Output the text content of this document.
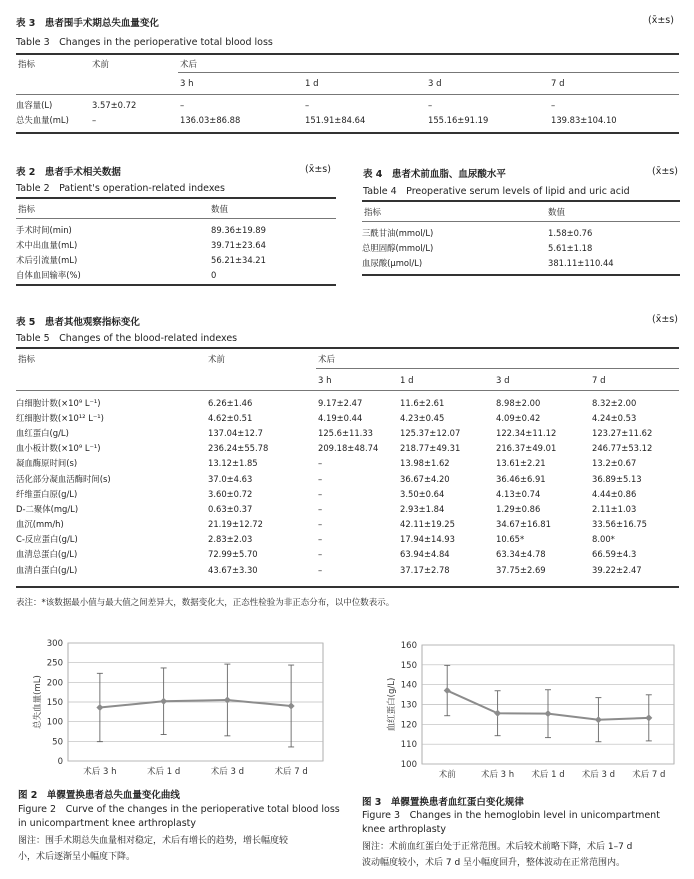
表 3　患者围手术期总失血量变化
Table 3　Changes in the perioperative total blood loss
(x̄±s)
指标	术前	术后
3 h	1 d	3 d	7 d
血容量(L)	3.57±0.72	–	–	–	–
总失血量(mL)	–	136.03±86.88	151.91±84.64	155.16±91.19	139.83±104.10
表 2　患者手术相关数据
Table 2　Patient's operation-related indexes
(x̄±s)
指标	数值
手术时间(min)	89.36±19.89
术中出血量(mL)	39.71±23.64
术后引流量(mL)	56.21±34.21
自体血回输率(%)	0
表 4　患者术前血脂、血尿酸水平
Table 4　Preoperative serum levels of lipid and uric acid
(x̄±s)
指标	数值
三酰甘油(mmol/L)	1.58±0.76
总胆固醇(mmol/L)	5.61±1.18
血尿酸(μmol/L)	381.11±110.44
表 5　患者其他观察指标变化
Table 5　Changes of the blood-related indexes
(x̄±s)
指标	术前	术后
3 h	1 d	3 d	7 d
白细胞计数(×10⁹ L⁻¹)	6.26±1.46	9.17±2.47	11.6±2.61	8.98±2.00	8.32±2.00
红细胞计数(×10¹² L⁻¹)	4.62±0.51	4.19±0.44	4.23±0.45	4.09±0.42	4.24±0.53
血红蛋白(g/L)	137.04±12.7	125.6±11.33	125.37±12.07	122.34±11.12	123.27±11.62
血小板计数(×10⁹ L⁻¹)	236.24±55.78	209.18±48.74	218.77±49.31	216.37±49.01	246.77±53.12
凝血酶原时间(s)	13.12±1.85	–	13.98±1.62	13.61±2.21	13.2±0.67
活化部分凝血活酶时间(s)	37.0±4.63	–	36.67±4.20	36.46±6.91	36.89±5.13
纤维蛋白原(g/L)	3.60±0.72	–	3.50±0.64	4.13±0.74	4.44±0.86
D-二聚体(mg/L)	0.63±0.37	–	2.93±1.84	1.29±0.86	2.11±1.03
血沉(mm/h)	21.19±12.72	–	42.11±19.25	34.67±16.81	33.56±16.75
C-反应蛋白(g/L)	2.83±2.03	–	17.94±14.93	10.65*	8.00*
血清总蛋白(g/L)	72.99±5.70	–	63.94±4.84	63.34±4.78	66.59±4.3
血清白蛋白(g/L)	43.67±3.30	–	37.17±2.78	37.75±2.69	39.22±2.47
表注：*该数据最小值与最大值之间差异大，数据变化大，正态性检验为非正态分布，以中位数表示。
0
50
100
150
200
250
300
术后 3 h	术后 1 d	术后 3 d	术后 7 d
总失血量(mL)
图 2　单髁置换患者总失血量变化曲线
Figure 2　Curve of the changes in the perioperative total blood loss
in unicompartment knee arthroplasty
图注：围手术期总失血量相对稳定，术后有增长的趋势，增长幅度较
小，术后逐渐呈小幅度下降。
100
110
120
130
140
150
160
术前	术后 3 h 术后 1 d 术后 3 d 术后 7 d
血红蛋白(g/L)
图 3　单髁置换患者血红蛋白变化规律
Figure 3　Changes in the hemoglobin level in unicompartment
knee arthroplasty
图注：术前血红蛋白处于正常范围。术后较术前略下降，术后 1–7 d
波动幅度较小，术后 7 d 呈小幅度回升，整体波动在正常范围内。
